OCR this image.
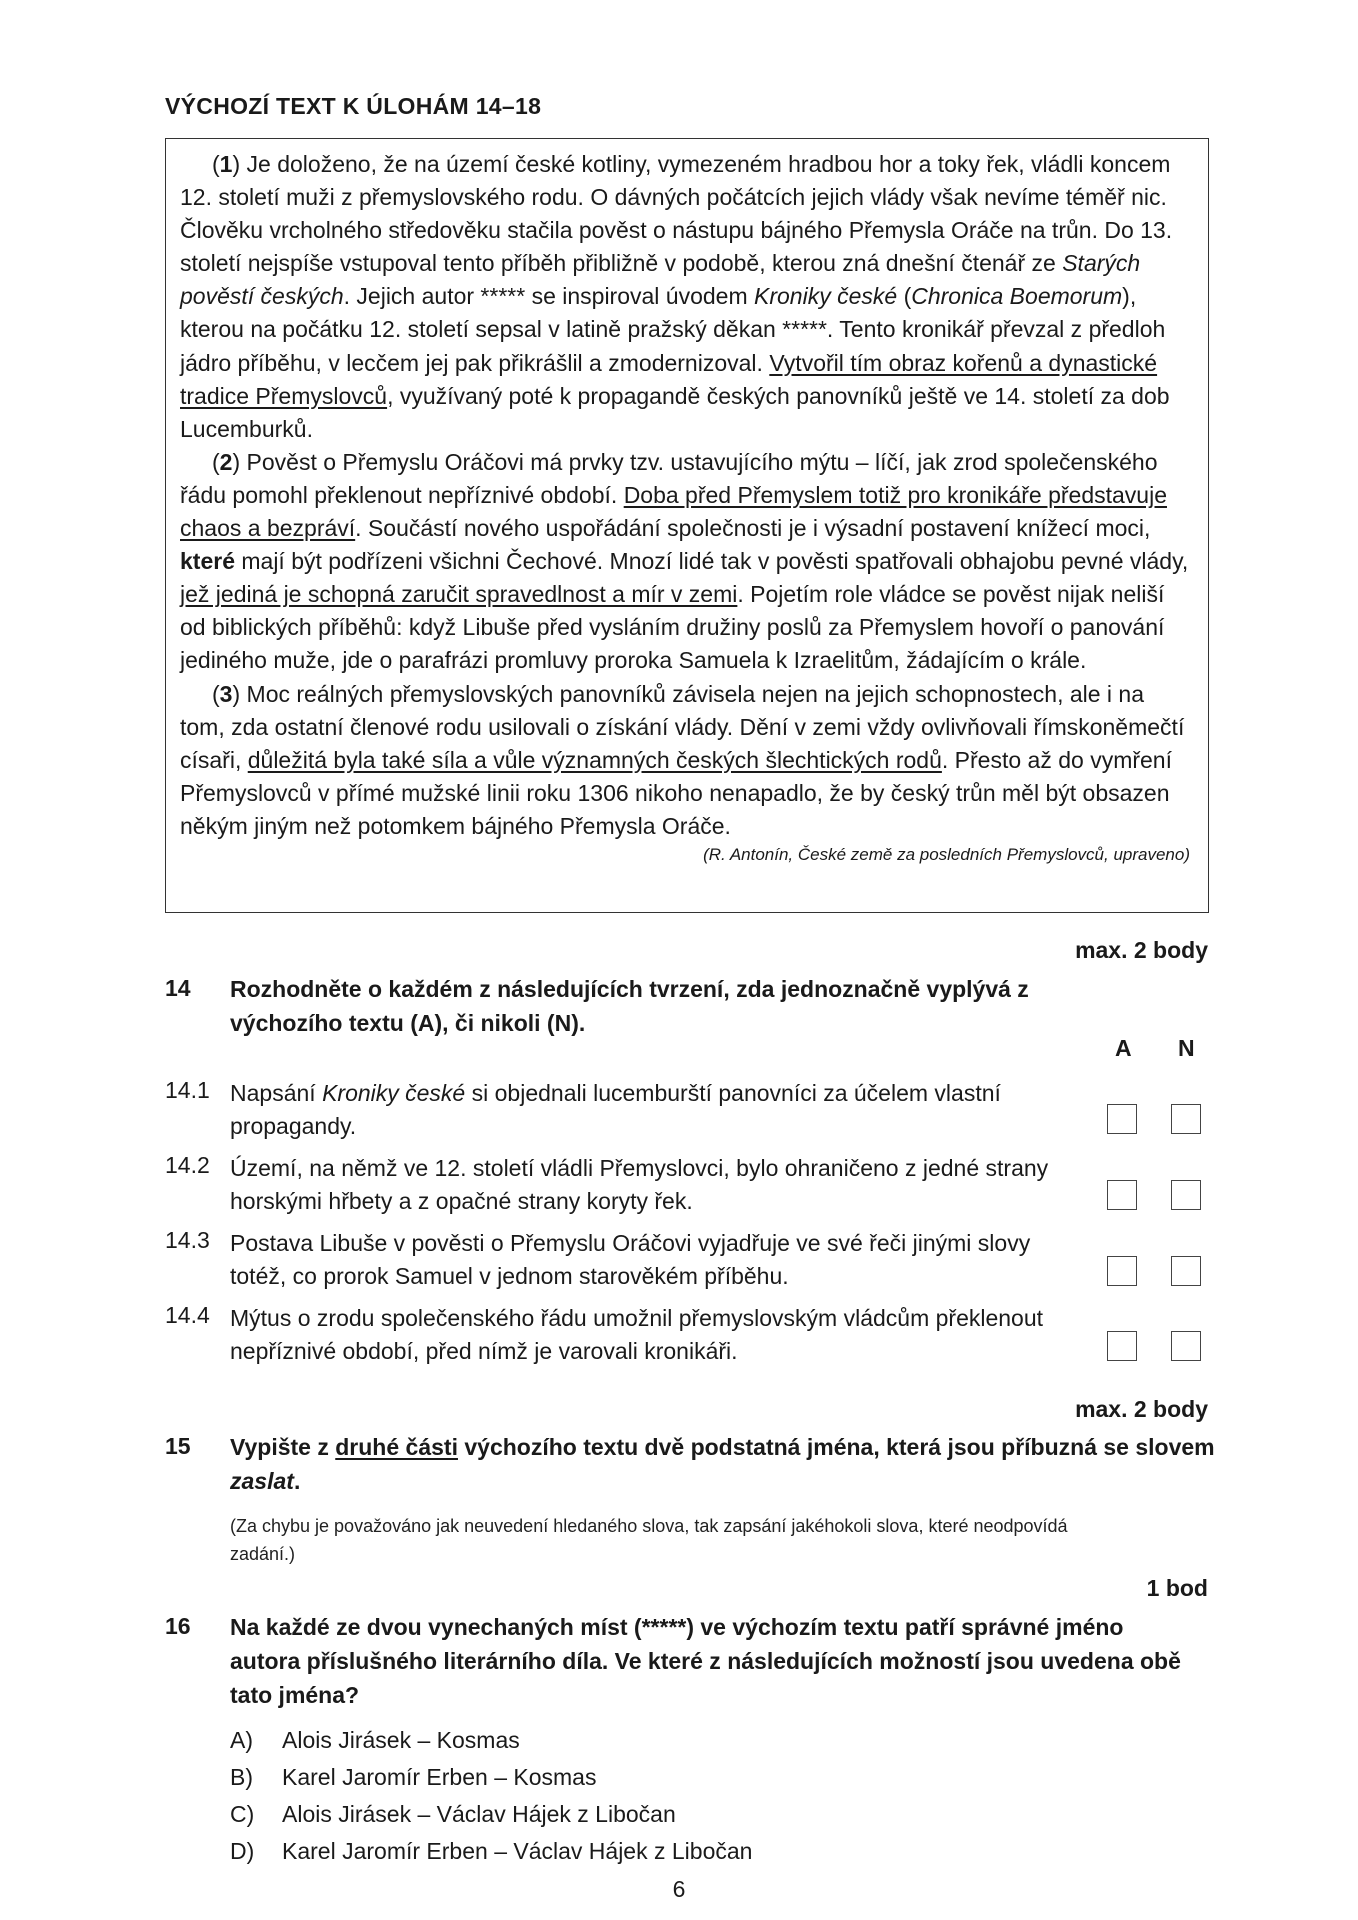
VÝCHOZÍ TEXT K ÚLOHÁM 14–18

(1) Je doloženo, že na území české kotliny, vymezeném hradbou hor a toky řek, vládli koncem 12. století muži z přemyslovského rodu. O dávných počátcích jejich vlády však nevíme téměř nic. Člověku vrcholného středověku stačila pověst o nástupu bájného Přemysla Oráče na trůn. Do 13. století nejspíše vstupoval tento příběh přibližně v podobě, kterou zná dnešní čtenář ze Starých pověstí českých. Jejich autor ***** se inspiroval úvodem Kroniky české (Chronica Boemorum), kterou na počátku 12. století sepsal v latině pražský děkan *****. Tento kronikář převzal z předloh jádro příběhu, v lecčem jej pak přikrášlil a zmodernizoval. Vytvořil tím obraz kořenů a dynastické tradice Přemyslovců, využívaný poté k propagandě českých panovníků ještě ve 14. století za dob Lucemburků.

(2) Pověst o Přemyslu Oráčovi má prvky tzv. ustavujícího mýtu – líčí, jak zrod společenského řádu pomohl překlenout nepříznivé období. Doba před Přemyslem totiž pro kronikáře představuje chaos a bezpráví. Součástí nového uspořádání společnosti je i výsadní postavení knížecí moci, které mají být podřízeni všichni Čechové. Mnozí lidé tak v pověsti spatřovali obhajobu pevné vlády, jež jediná je schopná zaručit spravedlnost a mír v zemi. Pojetím role vládce se pověst nijak neliší od biblických příběhů: když Libuše před vysláním družiny poslů za Přemyslem hovoří o panování jediného muže, jde o parafrázi promluvy proroka Samuela k Izraelitům, žádajícím o krále.

(3) Moc reálných přemyslovských panovníků závisela nejen na jejich schopnostech, ale i na tom, zda ostatní členové rodu usilovali o získání vlády. Dění v zemi vždy ovlivňovali římskoněmečtí císaři, důležitá byla také síla a vůle významných českých šlechtických rodů. Přesto až do vymření Přemyslovců v přímé mužské linii roku 1306 nikoho nenapadlo, že by český trůn měl být obsazen někým jiným než potomkem bájného Přemysla Oráče.

(R. Antonín, České země za posledních Přemyslovců, upraveno)
max. 2 body
14 Rozhodněte o každém z následujících tvrzení, zda jednoznačně vyplývá z výchozího textu (A), či nikoli (N).
A N
14.1 Napsání Kroniky české si objednali lucemburští panovníci za účelem vlastní propagandy.
14.2 Území, na němž ve 12. století vládli Přemyslovci, bylo ohraničeno z jedné strany horskými hřbety a z opačné strany koryty řek.
14.3 Postava Libuše v pověsti o Přemyslu Oráčovi vyjadřuje ve své řeči jinými slovy totéž, co prorok Samuel v jednom starověkém příběhu.
14.4 Mýtus o zrodu společenského řádu umožnil přemyslovským vládcům překlenout nepříznivé období, před nímž je varovali kronikáři.
max. 2 body
15 Vypište z druhé části výchozího textu dvě podstatná jména, která jsou příbuzná se slovem zaslat.
(Za chybu je považováno jak neuvedení hledaného slova, tak zapsání jakéhokoli slova, které neodpovídá zadání.)
1 bod
16 Na každé ze dvou vynechaných míst (*****) ve výchozím textu patří správné jméno autora příslušného literárního díla. Ve které z následujících možností jsou uvedena obě tato jména?
A) Alois Jirásek – Kosmas
B) Karel Jaromír Erben – Kosmas
C) Alois Jirásek – Václav Hájek z Libočan
D) Karel Jaromír Erben – Václav Hájek z Libočan
6
